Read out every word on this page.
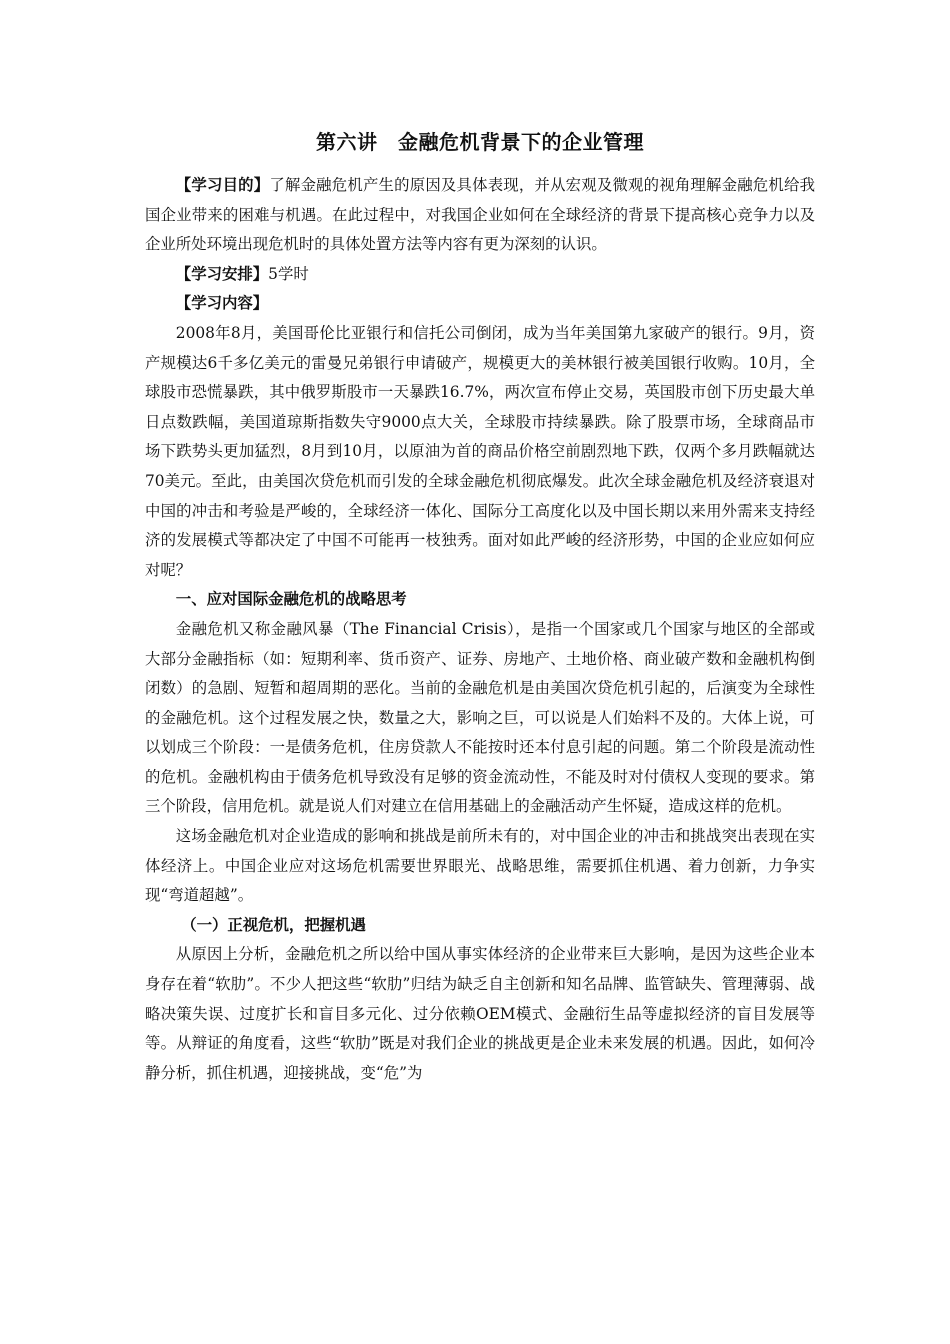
第六讲　金融危机背景下的企业管理

【学习目的】了解金融危机产生的原因及具体表现，并从宏观及微观的视角理解金融危机给我国企业带来的困难与机遇。在此过程中，对我国企业如何在全球经济的背景下提高核心竞争力以及企业所处环境出现危机时的具体处置方法等内容有更为深刻的认识。

【学习安排】5学时

【学习内容】

2008年8月，美国哥伦比亚银行和信托公司倒闭，成为当年美国第九家破产的银行。9月，资产规模达6千多亿美元的雷曼兄弟银行申请破产，规模更大的美林银行被美国银行收购。10月，全球股市恐慌暴跌，其中俄罗斯股市一天暴跌16.7%，两次宣布停止交易，英国股市创下历史最大单日点数跌幅，美国道琼斯指数失守9000点大关，全球股市持续暴跌。除了股票市场，全球商品市场下跌势头更加猛烈，8月到10月，以原油为首的商品价格空前剧烈地下跌，仅两个多月跌幅就达70美元。至此，由美国次贷危机而引发的全球金融危机彻底爆发。此次全球金融危机及经济衰退对中国的冲击和考验是严峻的，全球经济一体化、国际分工高度化以及中国长期以来用外需来支持经济的发展模式等都决定了中国不可能再一枝独秀。面对如此严峻的经济形势，中国的企业应如何应对呢？

一、应对国际金融危机的战略思考

金融危机又称金融风暴（The Financial Crisis），是指一个国家或几个国家与地区的全部或大部分金融指标（如：短期利率、货币资产、证券、房地产、土地价格、商业破产数和金融机构倒闭数）的急剧、短暂和超周期的恶化。当前的金融危机是由美国次贷危机引起的，后演变为全球性的金融危机。这个过程发展之快，数量之大，影响之巨，可以说是人们始料不及的。大体上说，可以划成三个阶段：一是债务危机，住房贷款人不能按时还本付息引起的问题。第二个阶段是流动性的危机。金融机构由于债务危机导致没有足够的资金流动性，不能及时对付债权人变现的要求。第三个阶段，信用危机。就是说人们对建立在信用基础上的金融活动产生怀疑，造成这样的危机。

这场金融危机对企业造成的影响和挑战是前所未有的，对中国企业的冲击和挑战突出表现在实体经济上。中国企业应对这场危机需要世界眼光、战略思维，需要抓住机遇、着力创新，力争实现“弯道超越”。

（一）正视危机，把握机遇

从原因上分析，金融危机之所以给中国从事实体经济的企业带来巨大影响，是因为这些企业本身存在着“软肋”。不少人把这些“软肋”归结为缺乏自主创新和知名品牌、监管缺失、管理薄弱、战略决策失误、过度扩长和盲目多元化、过分依赖OEM模式、金融衍生品等虚拟经济的盲目发展等等。从辩证的角度看，这些“软肋”既是对我们企业的挑战更是企业未来发展的机遇。因此，如何冷静分析，抓住机遇，迎接挑战，变“危”为
